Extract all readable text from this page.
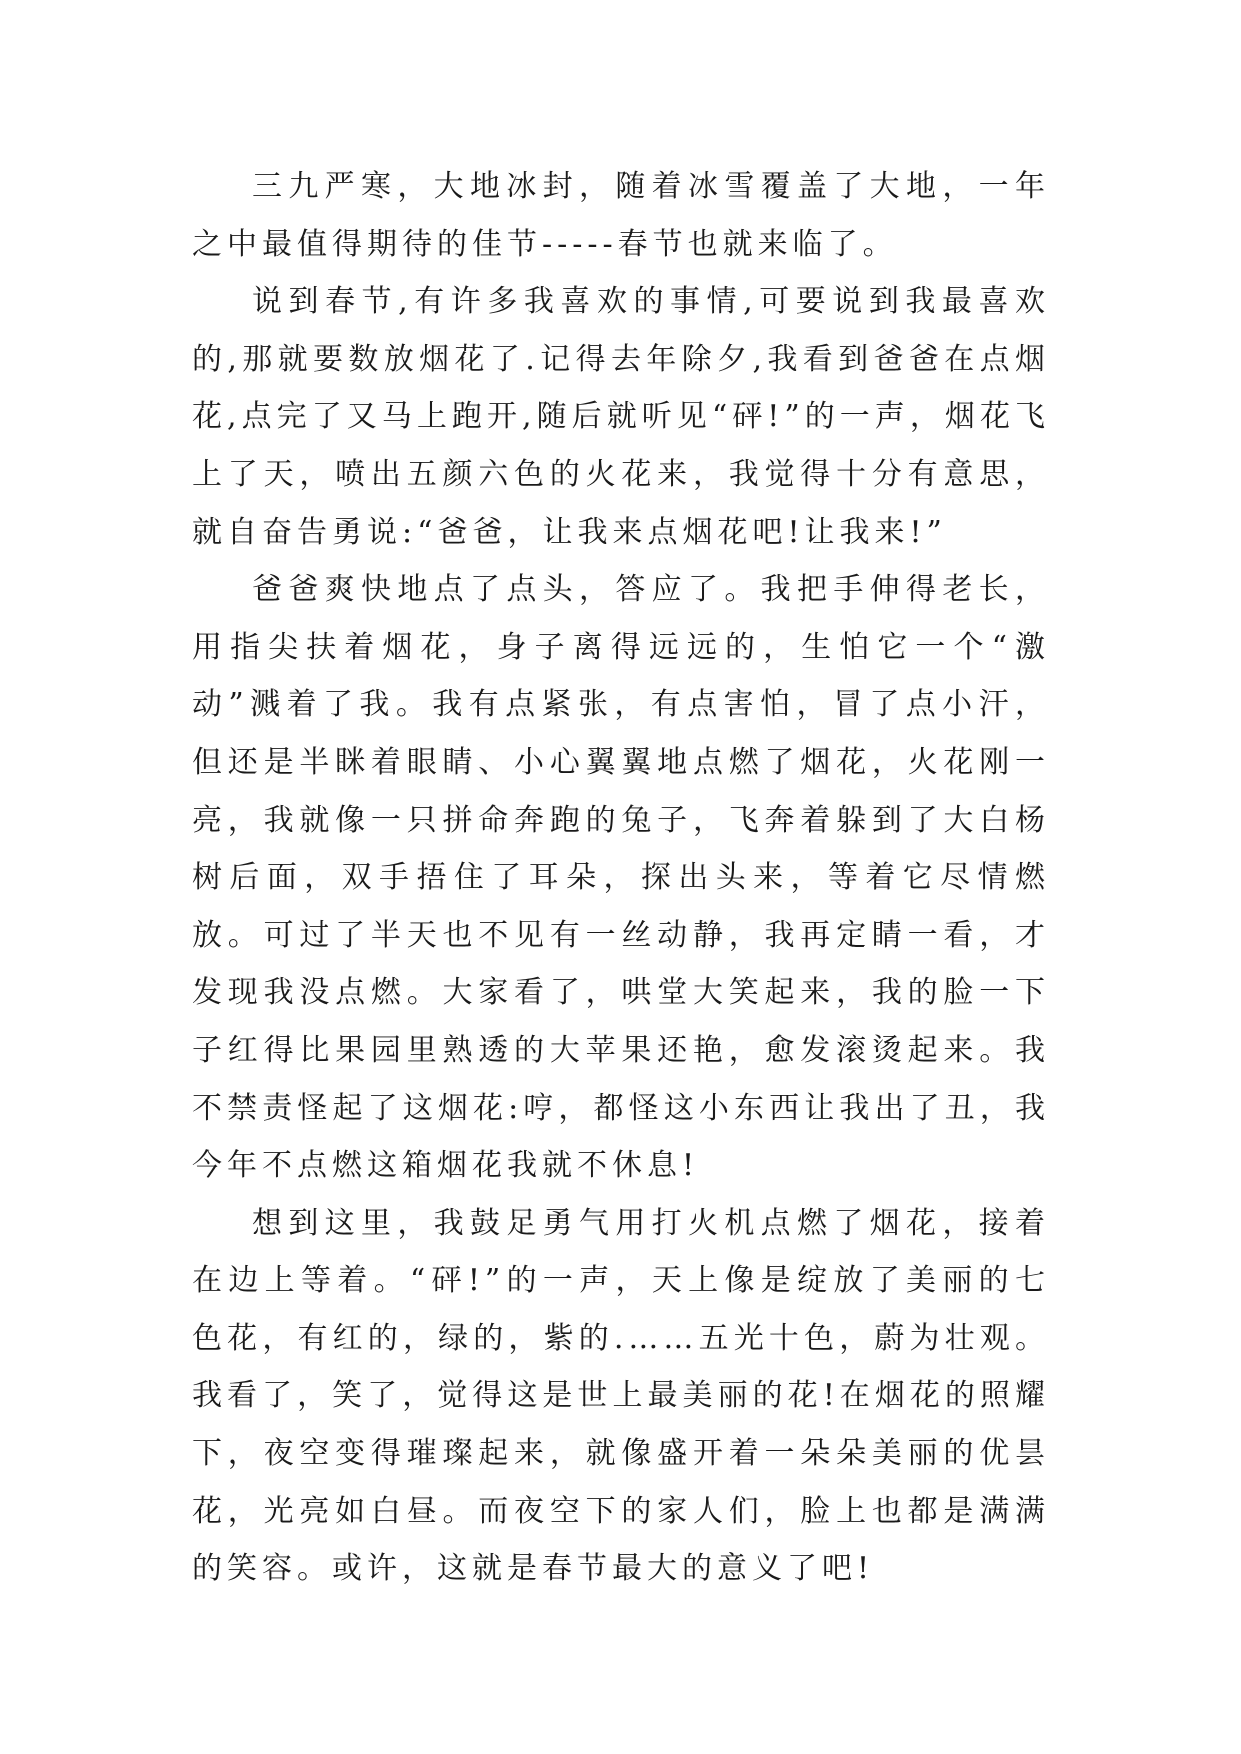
三九严寒，大地冰封，随着冰雪覆盖了大地，一年之中最值得期待的佳节-----春节也就来临了。

说到春节,有许多我喜欢的事情,可要说到我最喜欢的,那就要数放烟花了.记得去年除夕,我看到爸爸在点烟花,点完了又马上跑开,随后就听见“砰!”的一声，烟花飞上了天，喷出五颜六色的火花来，我觉得十分有意思，就自奋告勇说:“爸爸，让我来点烟花吧!让我来!”

爸爸爽快地点了点头，答应了。我把手伸得老长，用指尖扶着烟花，身子离得远远的，生怕它一个“激动”溅着了我。我有点紧张，有点害怕，冒了点小汗，但还是半眯着眼睛、小心翼翼地点燃了烟花，火花刚一亮，我就像一只拼命奔跑的兔子，飞奔着躲到了大白杨树后面，双手捂住了耳朵，探出头来，等着它尽情燃放。可过了半天也不见有一丝动静，我再定睛一看，才发现我没点燃。大家看了，哄堂大笑起来，我的脸一下子红得比果园里熟透的大苹果还艳，愈发滚烫起来。我不禁责怪起了这烟花:哼，都怪这小东西让我出了丑，我今年不点燃这箱烟花我就不休息!

想到这里，我鼓足勇气用打火机点燃了烟花，接着在边上等着。“砰!”的一声，天上像是绽放了美丽的七色花，有红的，绿的，紫的.……五光十色，蔚为壮观。我看了，笑了，觉得这是世上最美丽的花!在烟花的照耀下，夜空变得璀璨起来，就像盛开着一朵朵美丽的优昙花，光亮如白昼。而夜空下的家人们，脸上也都是满满的笑容。或许，这就是春节最大的意义了吧!
